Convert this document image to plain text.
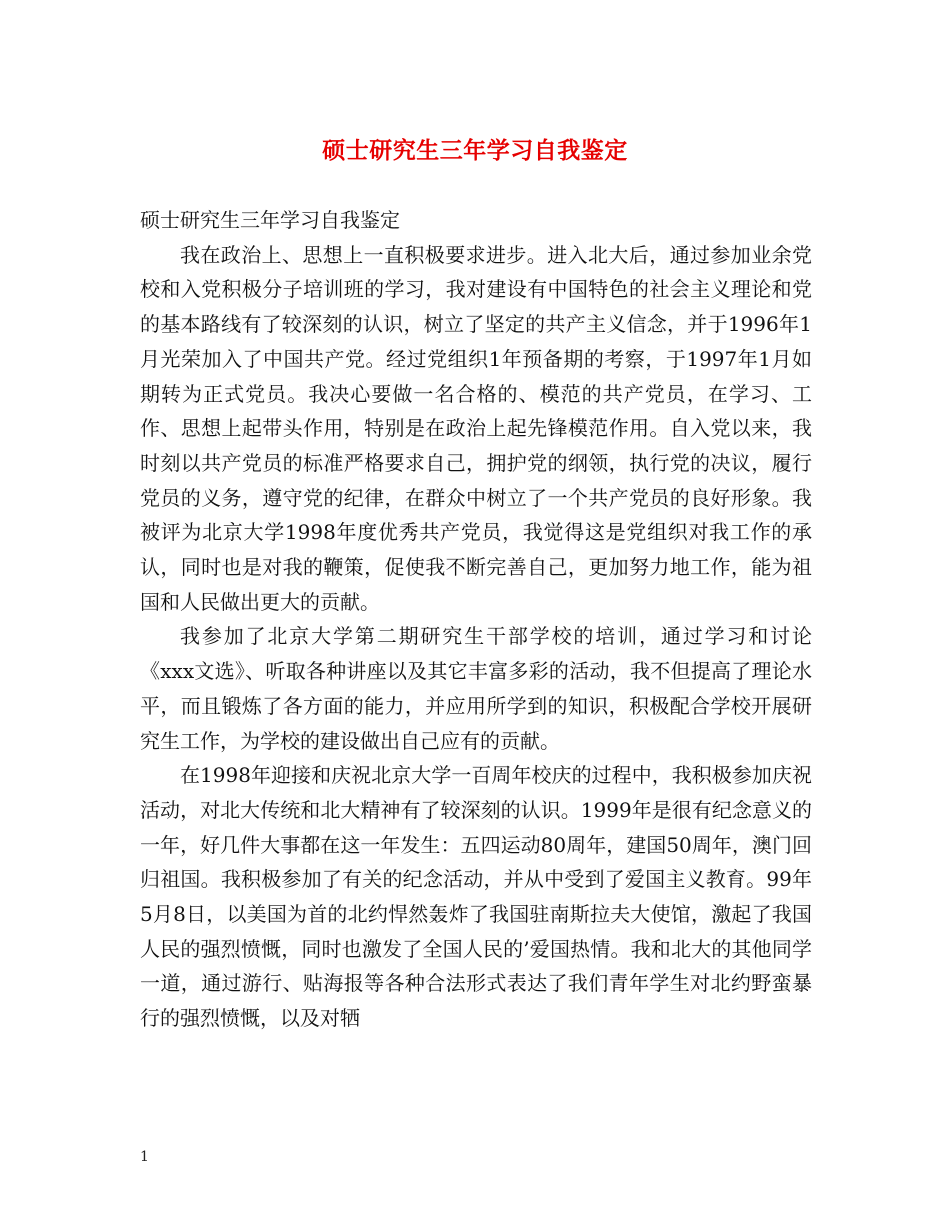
硕士研究生三年学习自我鉴定

硕士研究生三年学习自我鉴定

我在政治上、思想上一直积极要求进步。进入北大后，通过参加业余党校和入党积极分子培训班的学习，我对建设有中国特色的社会主义理论和党的基本路线有了较深刻的认识，树立了坚定的共产主义信念，并于1996年1月光荣加入了中国共产党。经过党组织1年预备期的考察，于1997年1月如期转为正式党员。我决心要做一名合格的、模范的共产党员，在学习、工作、思想上起带头作用，特别是在政治上起先锋模范作用。自入党以来，我时刻以共产党员的标准严格要求自己，拥护党的纲领，执行党的决议，履行党员的义务，遵守党的纪律，在群众中树立了一个共产党员的良好形象。我被评为北京大学1998年度优秀共产党员，我觉得这是党组织对我工作的承认，同时也是对我的鞭策，促使我不断完善自己，更加努力地工作，能为祖国和人民做出更大的贡献。

我参加了北京大学第二期研究生干部学校的培训，通过学习和讨论《xxx文选》、听取各种讲座以及其它丰富多彩的活动，我不但提高了理论水平，而且锻炼了各方面的能力，并应用所学到的知识，积极配合学校开展研究生工作，为学校的建设做出自己应有的贡献。

在1998年迎接和庆祝北京大学一百周年校庆的过程中，我积极参加庆祝活动，对北大传统和北大精神有了较深刻的认识。1999年是很有纪念意义的一年，好几件大事都在这一年发生：五四运动80周年，建国50周年，澳门回归祖国。我积极参加了有关的纪念活动，并从中受到了爱国主义教育。99年5月8日，以美国为首的北约悍然轰炸了我国驻南斯拉夫大使馆，激起了我国人民的强烈愤慨，同时也激发了全国人民的’爱国热情。我和北大的其他同学一道，通过游行、贴海报等各种合法形式表达了我们青年学生对北约野蛮暴行的强烈愤慨，以及对牺

1
